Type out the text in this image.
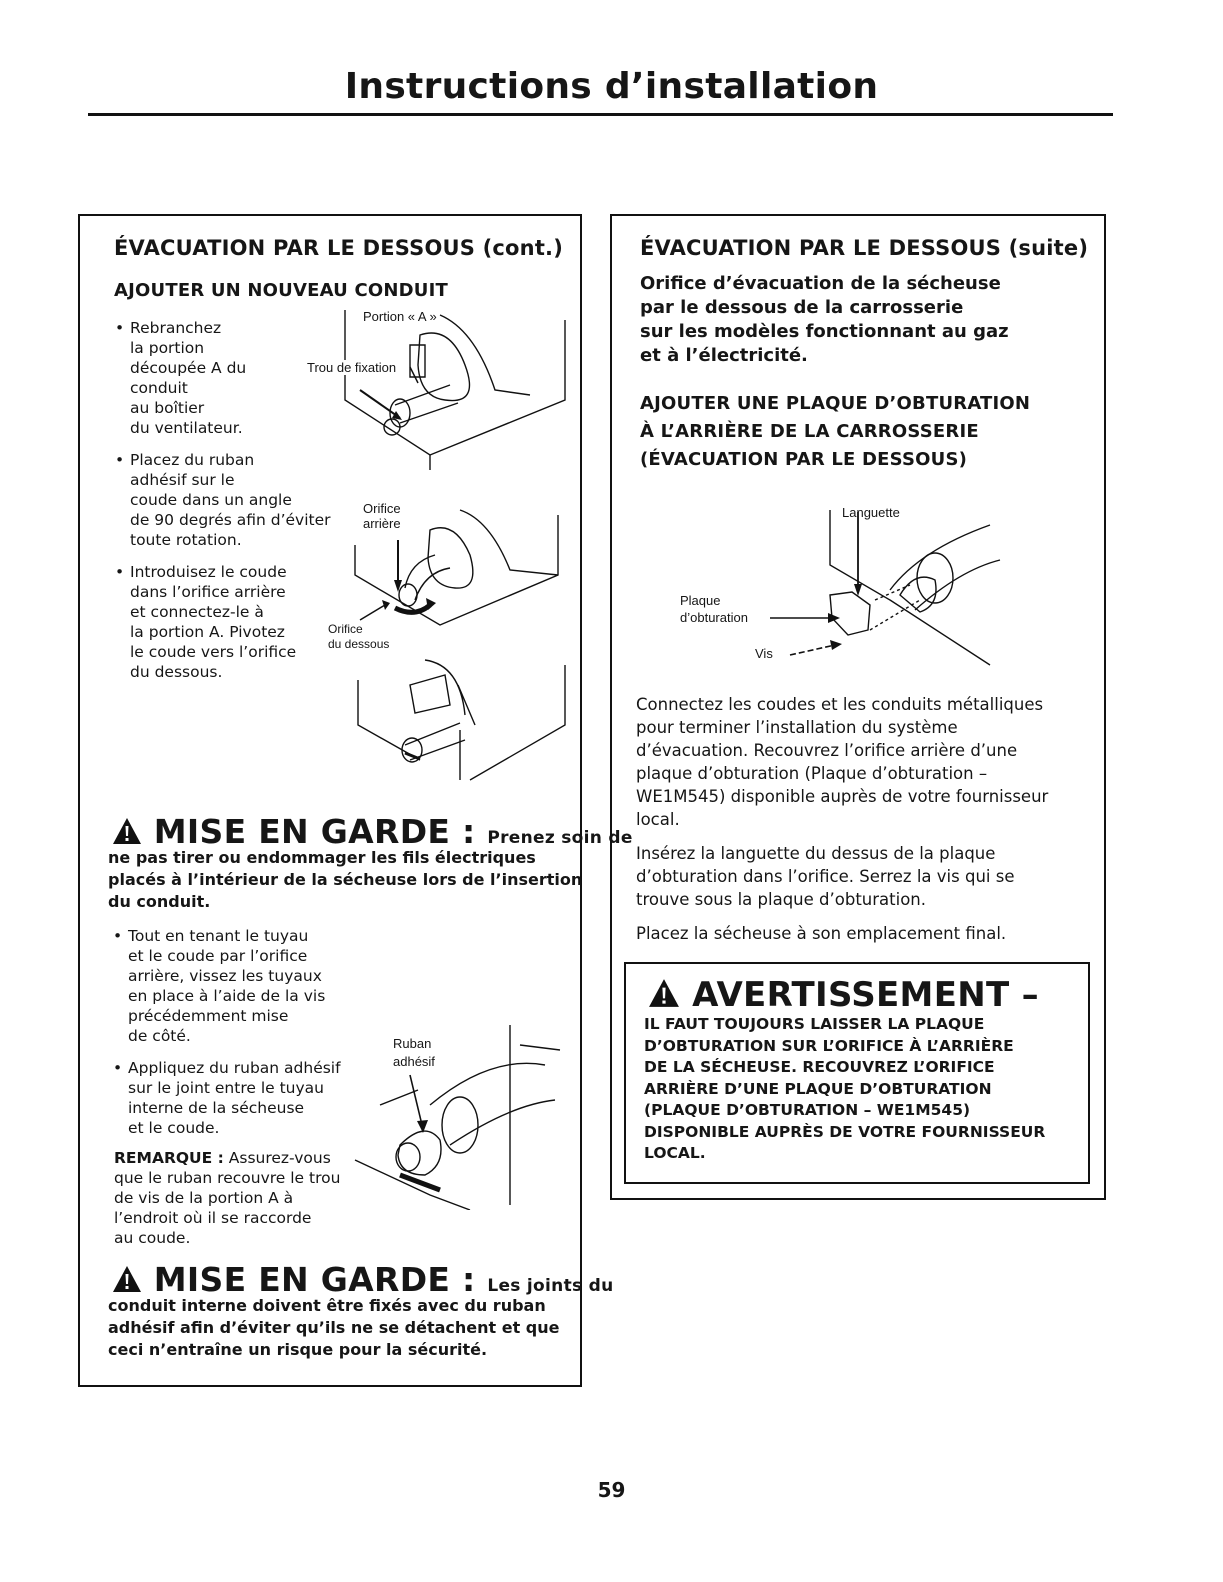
Instructions d’installation
ÉVACUATION PAR LE DESSOUS (cont.)
AJOUTER UN NOUVEAU CONDUIT
• Rebranchez
la portion
découpée A du
conduit
au boîtier
du ventilateur.
• Placez du ruban
adhésif sur le
coude dans un angle
de 90 degrés afin d’éviter
toute rotation.
• Introduisez le coude
dans l’orifice arrière
et connectez-le à
la portion A. Pivotez
le coude vers l’orifice
du dessous.
Portion « A »
Trou de fixation
Orifice
arrière
Orifice
du dessous
MISE EN GARDE : Prenez soin de
ne pas tirer ou endommager les fils électriques
placés à l’intérieur de la sécheuse lors de l’insertion
du conduit.
• Tout en tenant le tuyau
et le coude par l’orifice
arrière, vissez les tuyaux
en place à l’aide de la vis
précédemment mise
de côté.
• Appliquez du ruban adhésif
sur le joint entre le tuyau
interne de la sécheuse
et le coude.
REMARQUE : Assurez-vous
que le ruban recouvre le trou
de vis de la portion A à
l’endroit où il se raccorde
au coude.
Ruban
adhésif
MISE EN GARDE : Les joints du
conduit interne doivent être fixés avec du ruban
adhésif afin d’éviter qu’ils ne se détachent et que
ceci n’entraîne un risque pour la sécurité.
ÉVACUATION PAR LE DESSOUS (suite)
Orifice d’évacuation de la sécheuse
par le dessous de la carrosserie
sur les modèles fonctionnant au gaz
et à l’électricité.
AJOUTER UNE PLAQUE D’OBTURATION
À L’ARRIÈRE DE LA CARROSSERIE
(ÉVACUATION PAR LE DESSOUS)
Languette
Plaque
d’obturation
Vis
Connectez les coudes et les conduits métalliques
pour terminer l’installation du système
d’évacuation. Recouvrez l’orifice arrière d’une
plaque d’obturation (Plaque d’obturation –
WE1M545) disponible auprès de votre fournisseur
local.
Insérez la languette du dessus de la plaque
d’obturation dans l’orifice. Serrez la vis qui se
trouve sous la plaque d’obturation.
Placez la sécheuse à son emplacement final.
AVERTISSEMENT –
IL FAUT TOUJOURS LAISSER LA PLAQUE
D’OBTURATION SUR L’ORIFICE À L’ARRIÈRE
DE LA SÉCHEUSE. RECOUVREZ L’ORIFICE
ARRIÈRE D’UNE PLAQUE D’OBTURATION
(PLAQUE D’OBTURATION – WE1M545)
DISPONIBLE AUPRÈS DE VOTRE FOURNISSEUR
LOCAL.
59
